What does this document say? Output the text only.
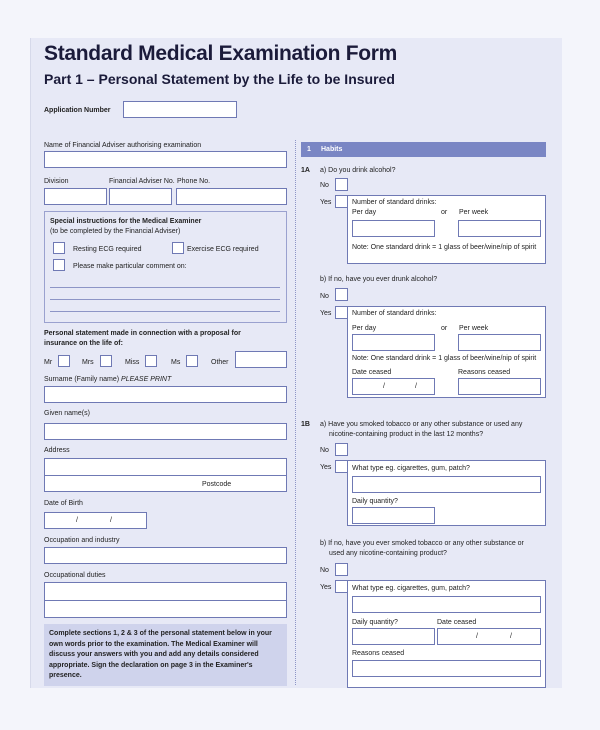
Standard Medical Examination Form
Part 1 – Personal Statement by the Life to be Insured
Application Number
Name of Financial Adviser authorising examination
Division	Financial Adviser No. Phone No.
Special instructions for the Medical Examiner
(to be completed by the Financial Adviser)
Resting ECG required	Exercise ECG required
Please make particular comment on:
Personal statement made in connection with a proposal for
insurance on the life of:
Mr	Mrs	Miss	Ms	Other
Surname (Family name) PLEASE PRINT
Given name(s)
Address
Postcode
Date of Birth
/	/
Occupation and industry
Occupational duties
Complete sections 1, 2 & 3 of the personal statement below in your own words prior to the examination. The Medical Examiner will discuss your answers with you and add any details considered appropriate. Sign the declaration on page 3 in the Examiner's presence.
1 Habits
1A a) Do you drink alcohol?
No
Yes	Number of standard drinks:
Per day	or Per week
Note: One standard drink = 1 glass of beer/wine/nip of spirit
b) If no, have you ever drunk alcohol?
No
Yes	Number of standard drinks:
Per day	or Per week
Note: One standard drink = 1 glass of beer/wine/nip of spirit
Date ceased	Reasons ceased
/	/
1B a) Have you smoked tobacco or any other substance or used any
nicotine-containing product in the last 12 months?
No
Yes	What type eg. cigarettes, gum, patch?
Daily quantity?
b) If no, have you ever smoked tobacco or any other substance or
used any nicotine-containing product?
No
Yes	What type eg. cigarettes, gum, patch?
Daily quantity?	Date ceased
/	/
Reasons ceased
